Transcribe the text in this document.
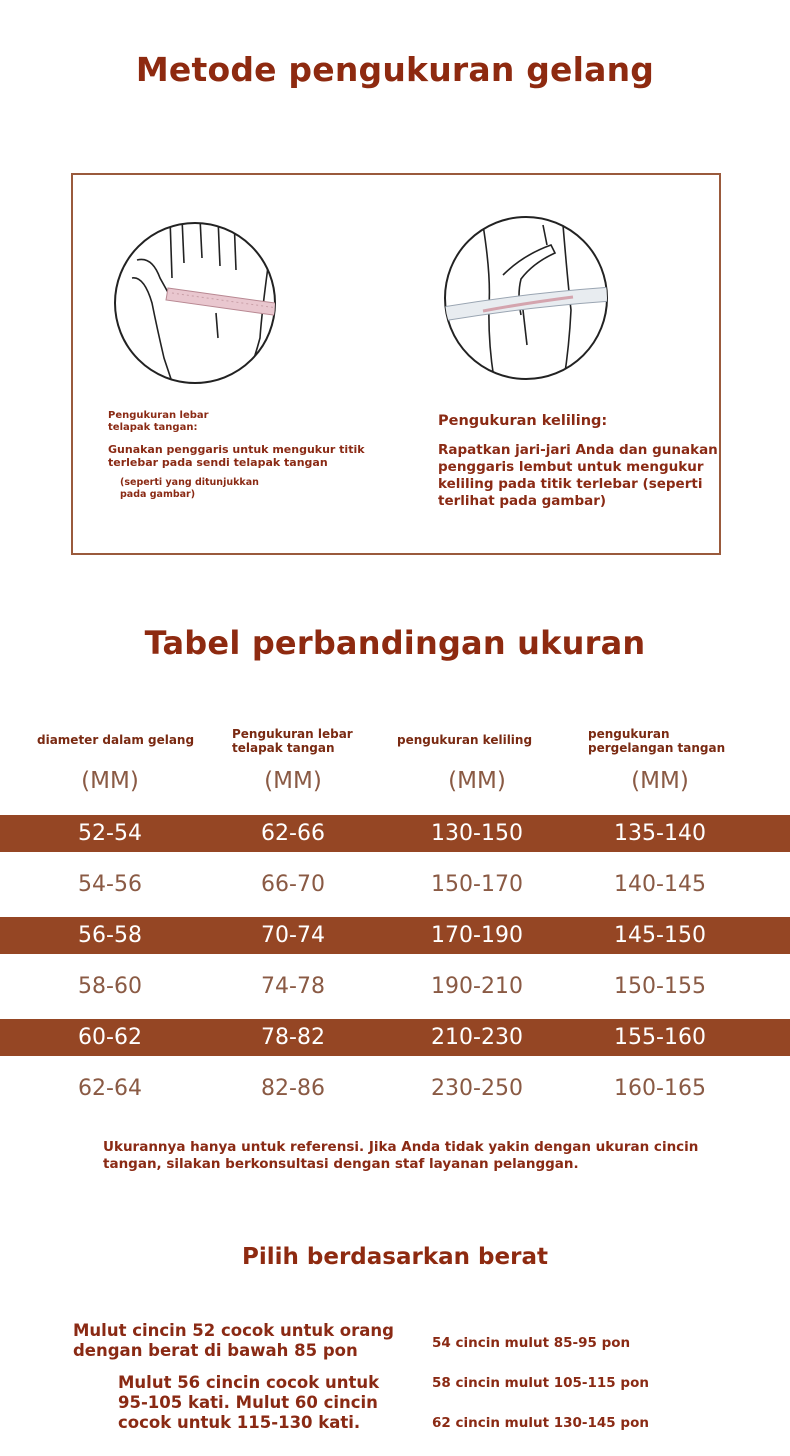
Metode pengukuran gelang
Pengukuran lebar
telapak tangan:
Gunakan penggaris untuk mengukur titik
terlebar pada sendi telapak tangan
(seperti yang ditunjukkan
pada gambar)
Pengukuran keliling:
Rapatkan jari-jari Anda dan gunakan
penggaris lembut untuk mengukur
keliling pada titik terlebar (seperti
terlihat pada gambar)
Tabel perbandingan ukuran
diameter dalam gelang	Pengukuran lebar
telapak tangan
pengukuran keliling	pengukuran
pergelangan tangan
(MM)	(MM)	(MM)	(MM)
52-54	62-66	130-150	135-140
54-56	66-70	150-170	140-145
56-58	70-74	170-190	145-150
58-60	74-78	190-210	150-155
60-62	78-82	210-230	155-160
62-64	82-86	230-250	160-165
Ukurannya hanya untuk referensi. Jika Anda tidak yakin dengan ukuran cincin
tangan, silakan berkonsultasi dengan staf layanan pelanggan.
Pilih berdasarkan berat
Mulut cincin 52 cocok untuk orang
dengan berat di bawah 85 pon
Mulut 56 cincin cocok untuk
95-105 kati. Mulut 60 cincin
cocok untuk 115-130 kati.
54 cincin mulut 85-95 pon
58 cincin mulut 105-115 pon
62 cincin mulut 130-145 pon
